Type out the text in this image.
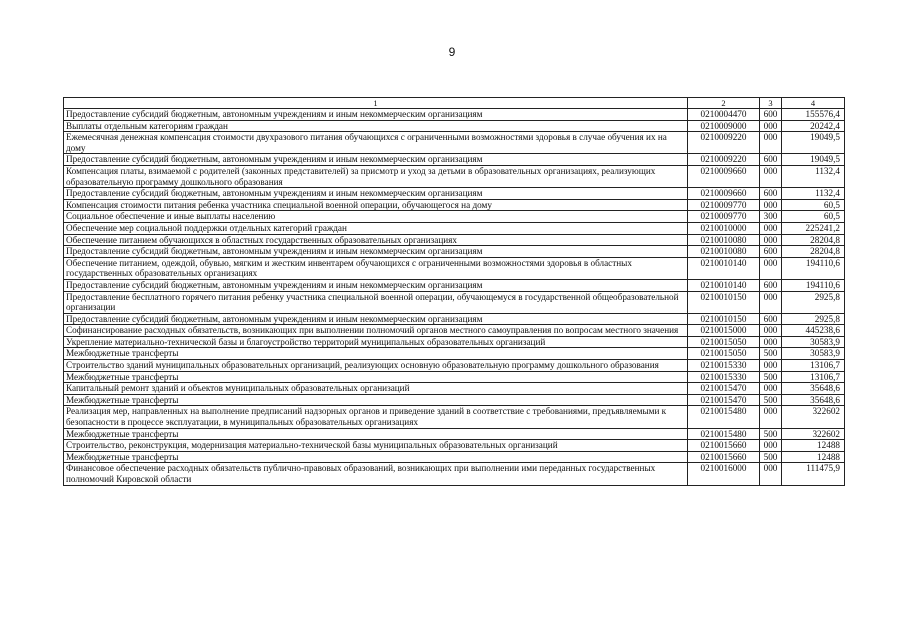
9
1	2	3	4
Предоставление субсидий бюджетным, автономным учреждениям и иным некоммерческим организациям	0210004470	600	155576,4
Выплаты отдельным категориям граждан	0210009000	000	20242,4
Ежемесячная денежная компенсация стоимости двухразового питания обучающихся с ограниченными возможностями здоровья в случае обучения их на дому	0210009220	000	19049,5
Предоставление субсидий бюджетным, автономным учреждениям и иным некоммерческим организациям	0210009220	600	19049,5
Компенсация платы, взимаемой с родителей (законных представителей) за присмотр и уход за детьми в образовательных организациях, реализующих образовательную программу дошкольного образования	0210009660	000	1132,4
Предоставление субсидий бюджетным, автономным учреждениям и иным некоммерческим организациям	0210009660	600	1132,4
Компенсация стоимости питания ребенка участника специальной военной операции, обучающегося на дому	0210009770	000	60,5
Социальное обеспечение и иные выплаты населению	0210009770	300	60,5
Обеспечение мер социальной поддержки отдельных категорий граждан	0210010000	000	225241,2
Обеспечение питанием обучающихся в областных государственных образовательных организациях	0210010080	000	28204,8
Предоставление субсидий бюджетным, автономным учреждениям и иным некоммерческим организациям	0210010080	600	28204,8
Обеспечение питанием, одеждой, обувью, мягким и жестким инвентарем обучающихся с ограниченными возможностями здоровья в областных государственных образовательных организациях	0210010140	000	194110,6
Предоставление субсидий бюджетным, автономным учреждениям и иным некоммерческим организациям	0210010140	600	194110,6
Предоставление бесплатного горячего питания ребенку участника специальной военной операции, обучающемуся в государственной общеобразовательной организации	0210010150	000	2925,8
Предоставление субсидий бюджетным, автономным учреждениям и иным некоммерческим организациям	0210010150	600	2925,8
Софинансирование расходных обязательств, возникающих при выполнении полномочий органов местного самоуправления по вопросам местного значения	0210015000	000	445238,6
Укрепление материально-технической базы и благоустройство территорий муниципальных образовательных организаций	0210015050	000	30583,9
Межбюджетные трансферты	0210015050	500	30583,9
Строительство зданий муниципальных образовательных организаций, реализующих основную образовательную программу дошкольного образования	0210015330	000	13106,7
Межбюджетные трансферты	0210015330	500	13106,7
Капитальный ремонт зданий и объектов муниципальных образовательных организаций	0210015470	000	35648,6
Межбюджетные трансферты	0210015470	500	35648,6
Реализация мер, направленных на выполнение предписаний надзорных органов и приведение зданий в соответствие с требованиями, предъявляемыми к безопасности в процессе эксплуатации, в муниципальных образовательных организациях	0210015480	000	322602
Межбюджетные трансферты	0210015480	500	322602
Строительство, реконструкция, модернизация материально-технической базы муниципальных образовательных организаций	0210015660	000	12488
Межбюджетные трансферты	0210015660	500	12488
Финансовое обеспечение расходных обязательств публично-правовых образований, возникающих при выполнении ими переданных государственных полномочий Кировской области	0210016000	000	111475,9
